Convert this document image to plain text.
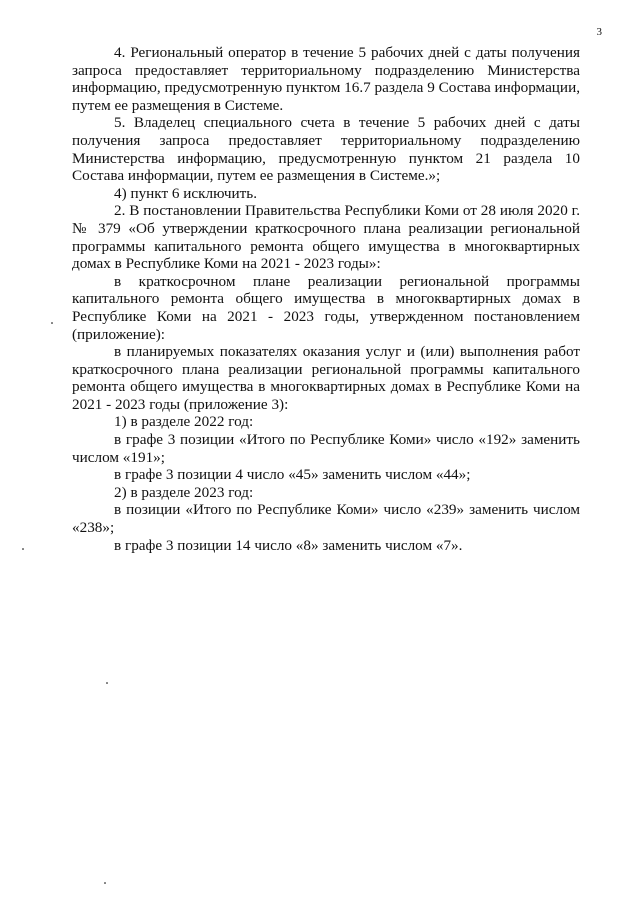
3

4. Региональный оператор в течение 5 рабочих дней с даты получения запроса предоставляет территориальному подразделению Министерства информацию, предусмотренную пунктом 16.7 раздела 9 Состава информации, путем ее размещения в Системе.

5. Владелец специального счета в течение 5 рабочих дней с даты получения запроса предоставляет территориальному подразделению Министерства информацию, предусмотренную пунктом 21 раздела 10 Состава информации, путем ее размещения в Системе.»;

4) пункт 6 исключить.

2. В постановлении Правительства Республики Коми от 28 июля 2020 г. № 379 «Об утверждении краткосрочного плана реализации региональной программы капитального ремонта общего имущества в многоквартирных домах в Республике Коми на 2021 - 2023 годы»:

в краткосрочном плане реализации региональной программы капитального ремонта общего имущества в многоквартирных домах в Республике Коми на 2021 - 2023 годы, утвержденном постановлением (приложение):

в планируемых показателях оказания услуг и (или) выполнения работ краткосрочного плана реализации региональной программы капитального ремонта общего имущества в многоквартирных домах в Республике Коми на 2021 - 2023 годы (приложение 3):

1) в разделе 2022 год:

в графе 3 позиции «Итого по Республике Коми» число «192» заменить числом «191»;

в графе 3 позиции 4 число «45» заменить числом «44»;

2) в разделе 2023 год:

в позиции «Итого по Республике Коми» число «239» заменить числом «238»;

в графе 3 позиции 14 число «8» заменить числом «7».
